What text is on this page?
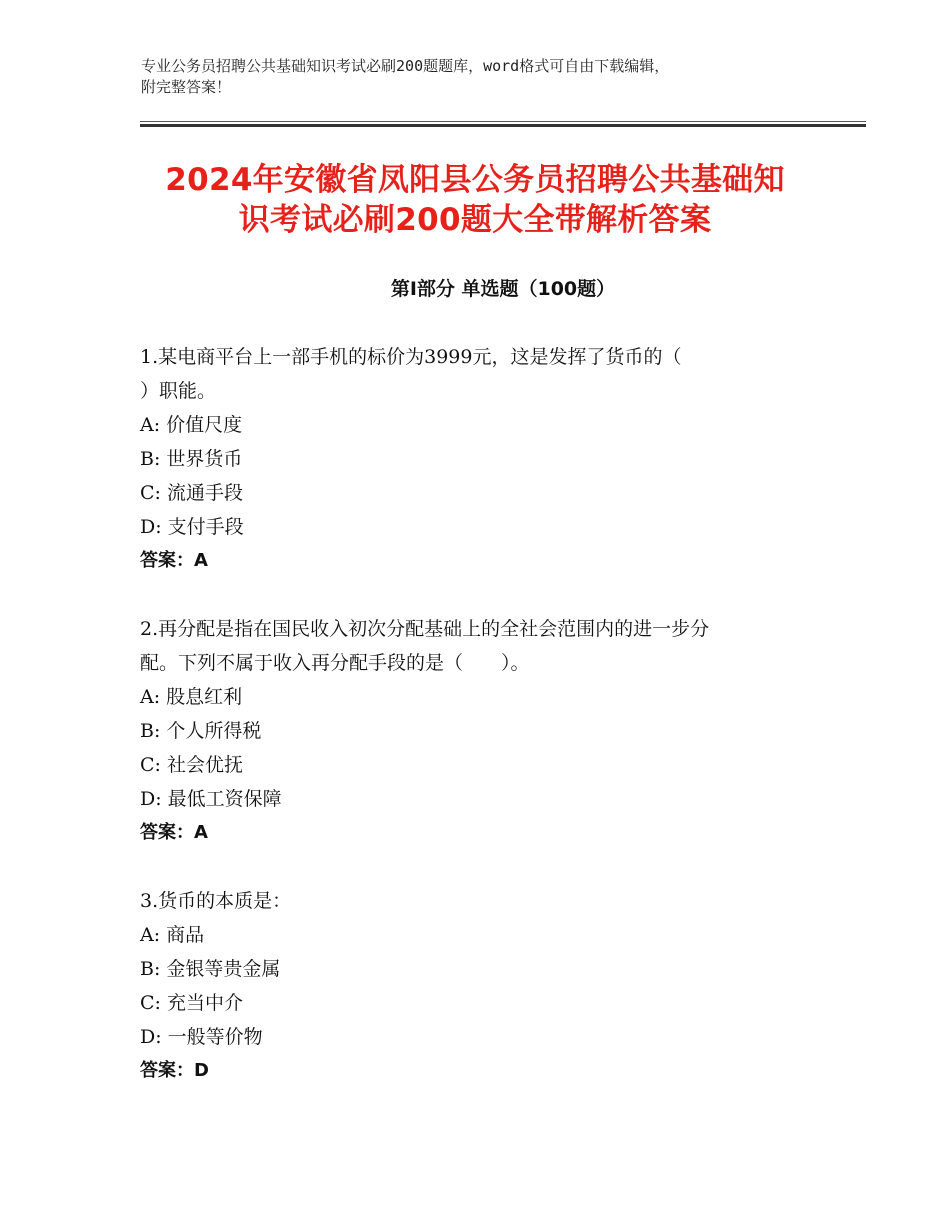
专业公务员招聘公共基础知识考试必刷200题题库，word格式可自由下载编辑，
附完整答案！
2024年安徽省凤阳县公务员招聘公共基础知
识考试必刷200题大全带解析答案
第Ⅰ部分 单选题（100题）

1.某电商平台上一部手机的标价为3999元，这是发挥了货币的（

）职能。

A: 价值尺度

B: 世界货币

C: 流通手段

D: 支付手段

答案：A

2.再分配是指在国民收入初次分配基础上的全社会范围内的进一步分

配。下列不属于收入再分配手段的是（　　）。

A: 股息红利

B: 个人所得税

C: 社会优抚

D: 最低工资保障

答案：A

3.货币的本质是：

A: 商品

B: 金银等贵金属

C: 充当中介

D: 一般等价物

答案：D
